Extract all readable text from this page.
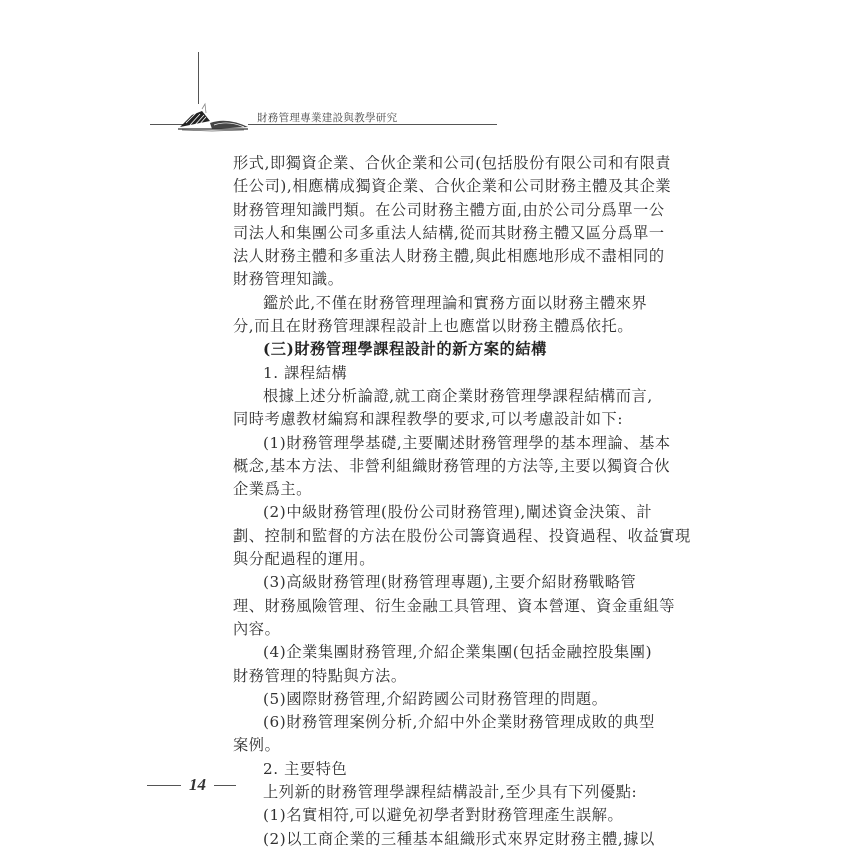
財務管理專業建設與教學研究
形式,即獨資企業、合伙企業和公司(包括股份有限公司和有限責
任公司),相應構成獨資企業、合伙企業和公司財務主體及其企業
財務管理知識門類。在公司財務主體方面,由於公司分爲單一公
司法人和集團公司多重法人結構,從而其財務主體又區分爲單一
法人財務主體和多重法人財務主體,與此相應地形成不盡相同的
財務管理知識。
鑑於此,不僅在財務管理理論和實務方面以財務主體來界
分,而且在財務管理課程設計上也應當以財務主體爲依托。
(三)財務管理學課程設計的新方案的結構
1. 課程結構
根據上述分析論證,就工商企業財務管理學課程結構而言,
同時考慮教材編寫和課程教學的要求,可以考慮設計如下:
(1)財務管理學基礎,主要闡述財務管理學的基本理論、基本
概念,基本方法、非營利組織財務管理的方法等,主要以獨資合伙
企業爲主。
(2)中級財務管理(股份公司財務管理),闡述資金決策、計
劃、控制和監督的方法在股份公司籌資過程、投資過程、收益實現
與分配過程的運用。
(3)高級財務管理(財務管理專題),主要介紹財務戰略管
理、財務風險管理、衍生金融工具管理、資本營運、資金重組等
內容。
(4)企業集團財務管理,介紹企業集團(包括金融控股集團)
財務管理的特點與方法。
(5)國際財務管理,介紹跨國公司財務管理的問題。
(6)財務管理案例分析,介紹中外企業財務管理成敗的典型
案例。
2. 主要特色
上列新的財務管理學課程結構設計,至少具有下列優點:
(1)名實相符,可以避免初學者對財務管理產生誤解。
(2)以工商企業的三種基本組織形式來界定財務主體,據以
14
